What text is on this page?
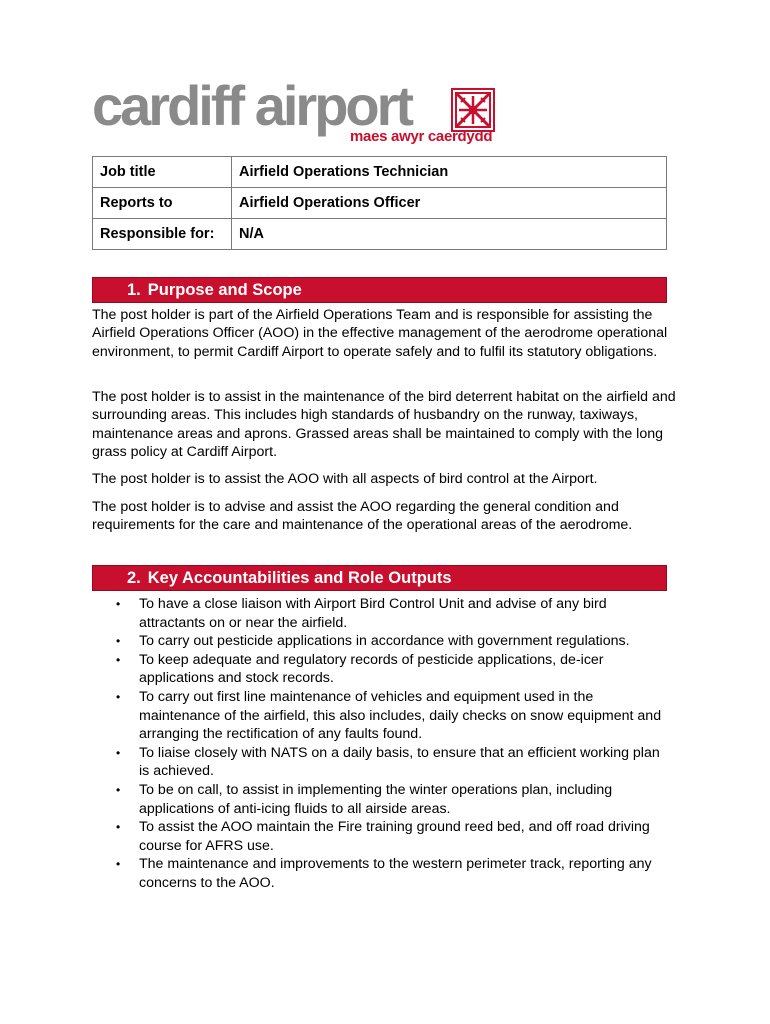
cardiff airport
maes awyr caerdydd
Job title	Airfield Operations Technician
Reports to	Airfield Operations Officer
Responsible for:	N/A
1. Purpose and Scope

The post holder is part of the Airfield Operations Team and is responsible for assisting the Airfield Operations Officer (AOO) in the effective management of the aerodrome operational environment, to permit Cardiff Airport to operate safely and to fulfil its statutory obligations.

The post holder is to assist in the maintenance of the bird deterrent habitat on the airfield and surrounding areas. This includes high standards of husbandry on the runway, taxiways, maintenance areas and aprons. Grassed areas shall be maintained to comply with the long grass policy at Cardiff Airport.

The post holder is to assist the AOO with all aspects of bird control at the Airport.

The post holder is to advise and assist the AOO regarding the general condition and requirements for the care and maintenance of the operational areas of the aerodrome.

2. Key Accountabilities and Role Outputs
• To have a close liaison with Airport Bird Control Unit and advise of any bird attractants on or near the airfield.
• To carry out pesticide applications in accordance with government regulations.
• To keep adequate and regulatory records of pesticide applications, de-icer applications and stock records.
• To carry out first line maintenance of vehicles and equipment used in the maintenance of the airfield, this also includes, daily checks on snow equipment and arranging the rectification of any faults found.
• To liaise closely with NATS on a daily basis, to ensure that an efficient working plan is achieved.
• To be on call, to assist in implementing the winter operations plan, including applications of anti-icing fluids to all airside areas.
• To assist the AOO maintain the Fire training ground reed bed, and off road driving course for AFRS use.
• The maintenance and improvements to the western perimeter track, reporting any concerns to the AOO.
